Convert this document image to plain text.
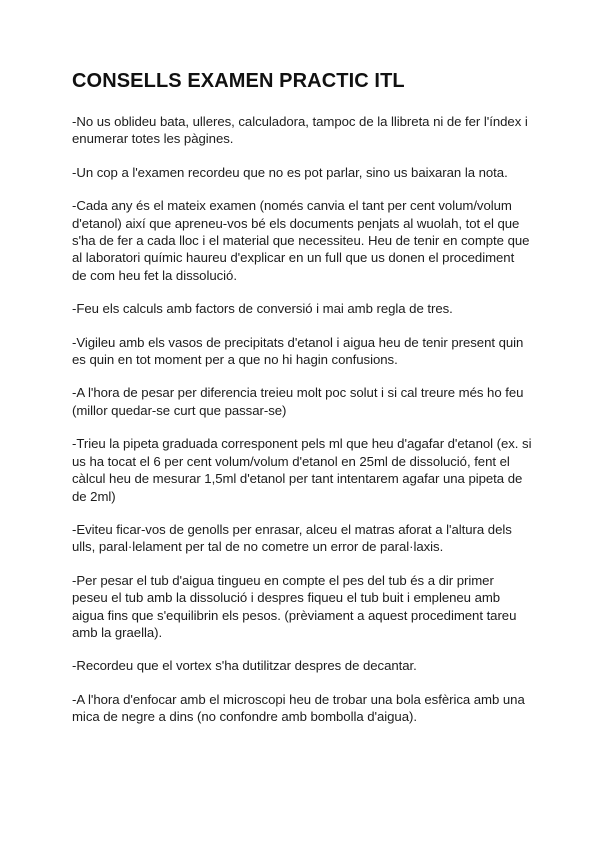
CONSELLS EXAMEN PRACTIC ITL

-No us oblideu bata, ulleres, calculadora, tampoc de la llibreta ni de fer l'índex i enumerar totes les pàgines.

-Un cop a l'examen recordeu que no es pot parlar, sino us baixaran la nota.

-Cada any és el mateix examen (només canvia el tant per cent volum/volum d'etanol) així que apreneu-vos bé els documents penjats al wuolah, tot el que s'ha de fer a cada lloc i el material que necessiteu. Heu de tenir en compte que al laboratori químic haureu d'explicar en un full que us donen el procediment de com heu fet la dissolució.

-Feu els calculs amb factors de conversió i mai amb regla de tres.

-Vigileu amb els vasos de precipitats d'etanol i aigua heu de tenir present quin es quin en tot moment per a que no hi hagin confusions.

-A l'hora de pesar per diferencia treieu molt poc solut i si cal treure més ho feu (millor quedar-se curt que passar-se)

-Trieu la pipeta graduada corresponent pels ml que heu d'agafar d'etanol (ex. si us ha tocat el 6 per cent volum/volum d'etanol en 25ml de dissolució, fent el càlcul heu de mesurar 1,5ml d'etanol per tant intentarem agafar una pipeta de de 2ml)

-Eviteu ficar-vos de genolls per enrasar, alceu el matras aforat a l'altura dels ulls, paral·lelament per tal de no cometre un error de paral·laxis.

-Per pesar el tub d'aigua tingueu en compte el pes del tub és a dir primer peseu el tub amb la dissolució i despres fiqueu el tub buit i empleneu amb aigua fins que s'equilibrin els pesos. (prèviament a aquest procediment tareu amb la graella).

-Recordeu que el vortex s'ha dutilitzar despres de decantar.

-A l'hora d'enfocar amb el microscopi heu de trobar una bola esfèrica amb una mica de negre a dins (no confondre amb bombolla d'aigua).
